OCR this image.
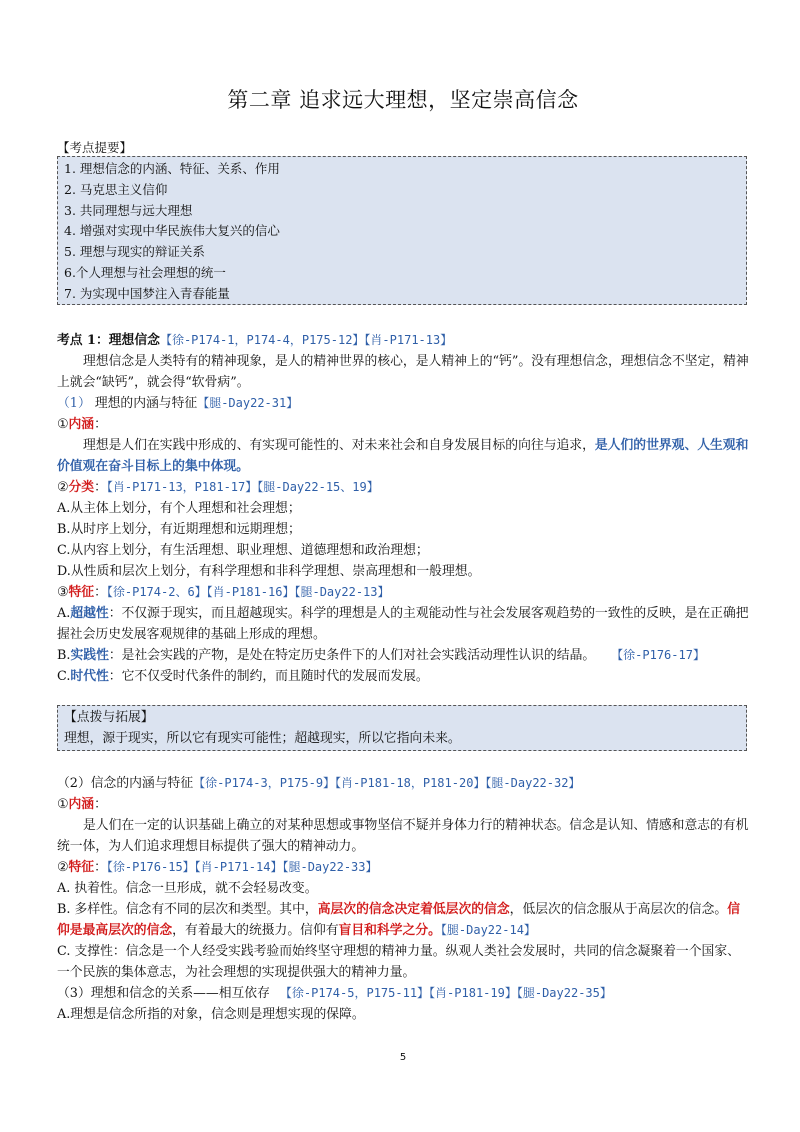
第二章 追求远大理想，坚定崇高信念
【考点提要】
1. 理想信念的内涵、特征、关系、作用
2. 马克思主义信仰
3. 共同理想与远大理想
4. 增强对实现中华民族伟大复兴的信心
5. 理想与现实的辩证关系
6.个人理想与社会理想的统一
7. 为实现中国梦注入青春能量

考点 1：理想信念【徐-P174-1，P174-4，P175-12】【肖-P171-13】

理想信念是人类特有的精神现象，是人的精神世界的核心，是人精神上的“钙”。没有理想信念，理想信念不坚定，精神上就会“缺钙”，就会得“软骨病”。

（1） 理想的内涵与特征【腿-Day22-31】

①内涵：

理想是人们在实践中形成的、有实现可能性的、对未来社会和自身发展目标的向往与追求，是人们的世界观、人生观和价值观在奋斗目标上的集中体现。

②分类：【肖-P171-13，P181-17】【腿-Day22-15、19】

A.从主体上划分，有个人理想和社会理想；

B.从时序上划分，有近期理想和远期理想；

C.从内容上划分，有生活理想、职业理想、道德理想和政治理想；

D.从性质和层次上划分，有科学理想和非科学理想、崇高理想和一般理想。

③特征：【徐-P174-2、6】【肖-P181-16】【腿-Day22-13】

A.超越性：不仅源于现实，而且超越现实。科学的理想是人的主观能动性与社会发展客观趋势的一致性的反映，是在正确把握社会历史发展客观规律的基础上形成的理想。

B.实践性：是社会实践的产物，是处在特定历史条件下的人们对社会实践活动理性认识的结晶。 【徐-P176-17】

C.时代性：它不仅受时代条件的制约，而且随时代的发展而发展。

【点拨与拓展】
理想，源于现实，所以它有现实可能性；超越现实，所以它指向未来。

（2）信念的内涵与特征【徐-P174-3，P175-9】【肖-P181-18，P181-20】【腿-Day22-32】

①内涵：

是人们在一定的认识基础上确立的对某种思想或事物坚信不疑并身体力行的精神状态。信念是认知、情感和意志的有机统一体，为人们追求理想目标提供了强大的精神动力。

②特征：【徐-P176-15】【肖-P171-14】【腿-Day22-33】

A. 执着性。信念一旦形成，就不会轻易改变。

B. 多样性。信念有不同的层次和类型。其中，高层次的信念决定着低层次的信念，低层次的信念服从于高层次的信念。信仰是最高层次的信念，有着最大的统摄力。信仰有盲目和科学之分。【腿-Day22-14】

C. 支撑性：信念是一个人经受实践考验而始终坚守理想的精神力量。纵观人类社会发展时，共同的信念凝聚着一个国家、一个民族的集体意志，为社会理想的实现提供强大的精神力量。

（3）理想和信念的关系——相互依存 【徐-P174-5，P175-11】【肖-P181-19】【腿-Day22-35】

A.理想是信念所指的对象，信念则是理想实现的保障。

5
